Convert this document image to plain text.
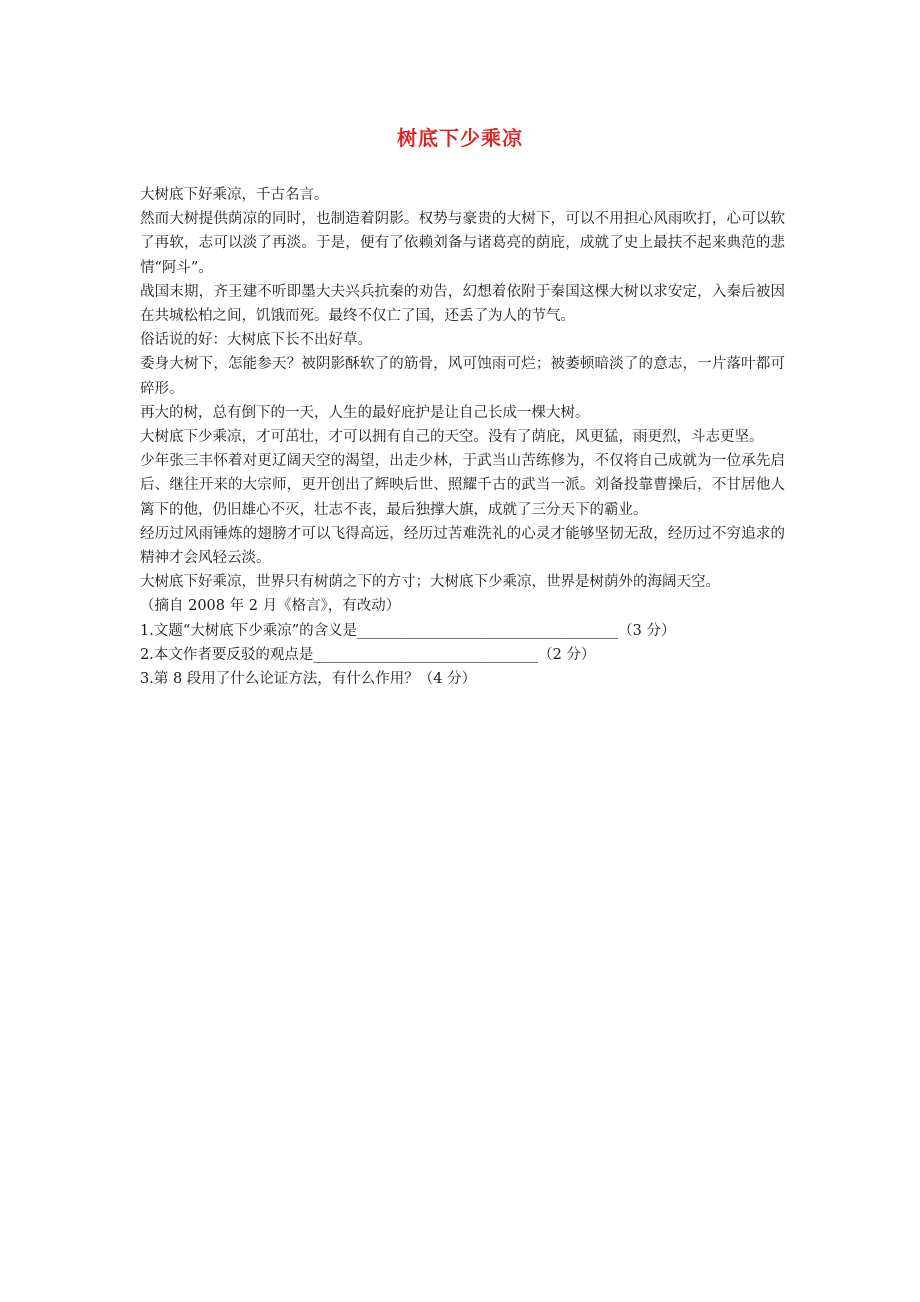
树底下少乘凉

大树底下好乘凉，千古名言。

然而大树提供荫凉的同时，也制造着阴影。权势与豪贵的大树下，可以不用担心风雨吹打，心可以软了再软，志可以淡了再淡。于是，便有了依赖刘备与诸葛亮的荫庇，成就了史上最扶不起来典范的悲情“阿斗”。

战国末期，齐王建不听即墨大夫兴兵抗秦的劝告，幻想着依附于秦国这棵大树以求安定，入秦后被因在共城松柏之间，饥饿而死。最终不仅亡了国，还丢了为人的节气。

俗话说的好：大树底下长不出好草。

委身大树下，怎能参天？被阴影酥软了的筋骨，风可蚀雨可烂；被萎顿暗淡了的意志，一片落叶都可碎形。

再大的树，总有倒下的一天，人生的最好庇护是让自己长成一棵大树。

大树底下少乘凉，才可茁壮，才可以拥有自己的天空。没有了荫庇，风更猛，雨更烈，斗志更坚。

少年张三丰怀着对更辽阔天空的渴望，出走少林，于武当山苦练修为，不仅将自己成就为一位承先启后、继往开来的大宗师，更开创出了辉映后世、照耀千古的武当一派。刘备投靠曹操后，不甘居他人篱下的他，仍旧雄心不灭，壮志不丧，最后独撑大旗，成就了三分天下的霸业。

经历过风雨锤炼的翅膀才可以飞得高远，经历过苦难洗礼的心灵才能够坚韧无敌，经历过不穷追求的精神才会风轻云淡。

大树底下好乘凉，世界只有树荫之下的方寸；大树底下少乘凉，世界是树荫外的海阔天空。

（摘自 2008 年 2 月《格言》，有改动）

1.文题“大树底下少乘凉”的含义是____________________________________（3 分）

2.本文作者要反驳的观点是_______________________________（2 分）

3.第 8 段用了什么论证方法，有什么作用？（4 分）
